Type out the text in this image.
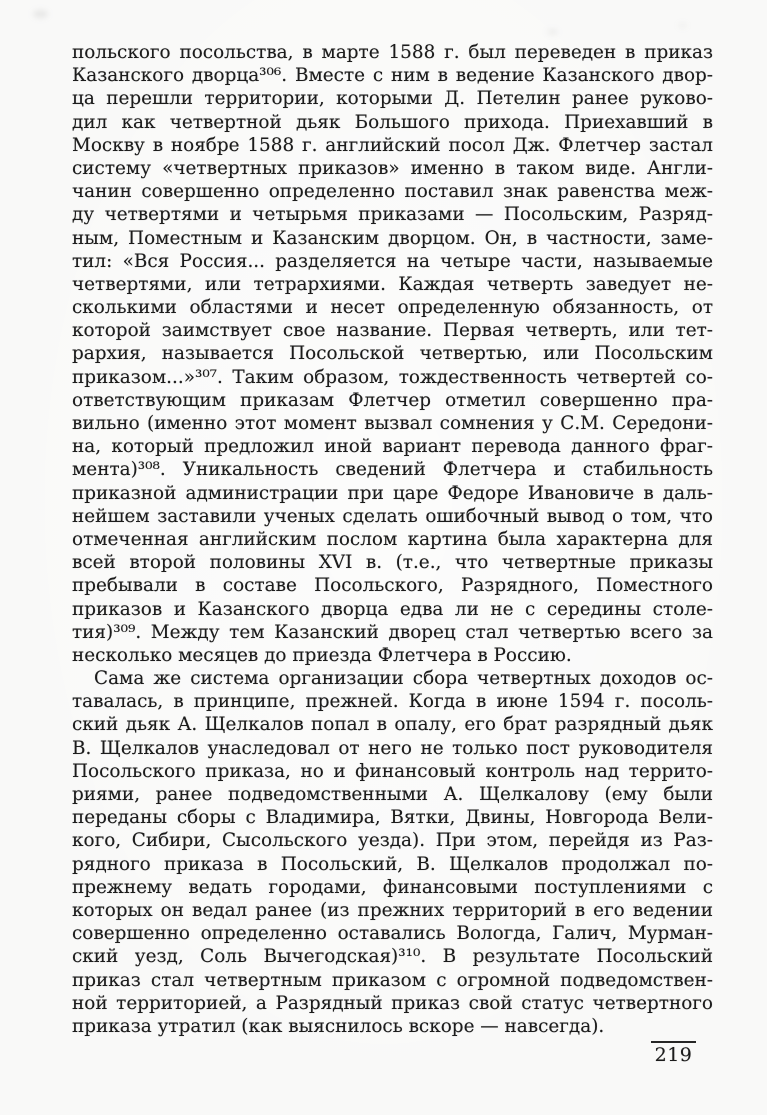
польского посольства, в марте 1588 г. был переведен в приказ
Казанского дворца³⁰⁶. Вместе с ним в ведение Казанского двор-
ца перешли территории, которыми Д. Петелин ранее руково-
дил как четвертной дьяк Большого прихода. Приехавший в
Москву в ноябре 1588 г. английский посол Дж. Флетчер застал
систему «четвертных приказов» именно в таком виде. Англи-
чанин совершенно определенно поставил знак равенства меж-
ду четвертями и четырьмя приказами — Посольским, Разряд-
ным, Поместным и Казанским дворцом. Он, в частности, заме-
тил: «Вся Россия... разделяется на четыре части, называемые
четвертями, или тетрархиями. Каждая четверть заведует не-
сколькими областями и несет определенную обязанность, от
которой заимствует свое название. Первая четверть, или тет-
рархия, называется Посольской четвертью, или Посольским
приказом...»³⁰⁷. Таким образом, тождественность четвертей со-
ответствующим приказам Флетчер отметил совершенно пра-
вильно (именно этот момент вызвал сомнения у С.М. Середони-
на, который предложил иной вариант перевода данного фраг-
мента)³⁰⁸. Уникальность сведений Флетчера и стабильность
приказной администрации при царе Федоре Ивановиче в даль-
нейшем заставили ученых сделать ошибочный вывод о том, что
отмеченная английским послом картина была характерна для
всей второй половины XVI в. (т.е., что четвертные приказы
пребывали в составе Посольского, Разрядного, Поместного
приказов и Казанского дворца едва ли не с середины столе-
тия)³⁰⁹. Между тем Казанский дворец стал четвертью всего за
несколько месяцев до приезда Флетчера в Россию.
Сама же система организации сбора четвертных доходов ос-
тавалась, в принципе, прежней. Когда в июне 1594 г. посоль-
ский дьяк А. Щелкалов попал в опалу, его брат разрядный дьяк
В. Щелкалов унаследовал от него не только пост руководителя
Посольского приказа, но и финансовый контроль над террито-
риями, ранее подведомственными А. Щелкалову (ему были
переданы сборы с Владимира, Вятки, Двины, Новгорода Вели-
кого, Сибири, Сысольского уезда). При этом, перейдя из Раз-
рядного приказа в Посольский, В. Щелкалов продолжал по-
прежнему ведать городами, финансовыми поступлениями с
которых он ведал ранее (из прежних территорий в его ведении
совершенно определенно оставались Вологда, Галич, Мурман-
ский уезд, Соль Вычегодская)³¹⁰. В результате Посольский
приказ стал четвертным приказом с огромной подведомствен-
ной территорией, а Разрядный приказ свой статус четвертного
приказа утратил (как выяснилось вскоре — навсегда).
219
